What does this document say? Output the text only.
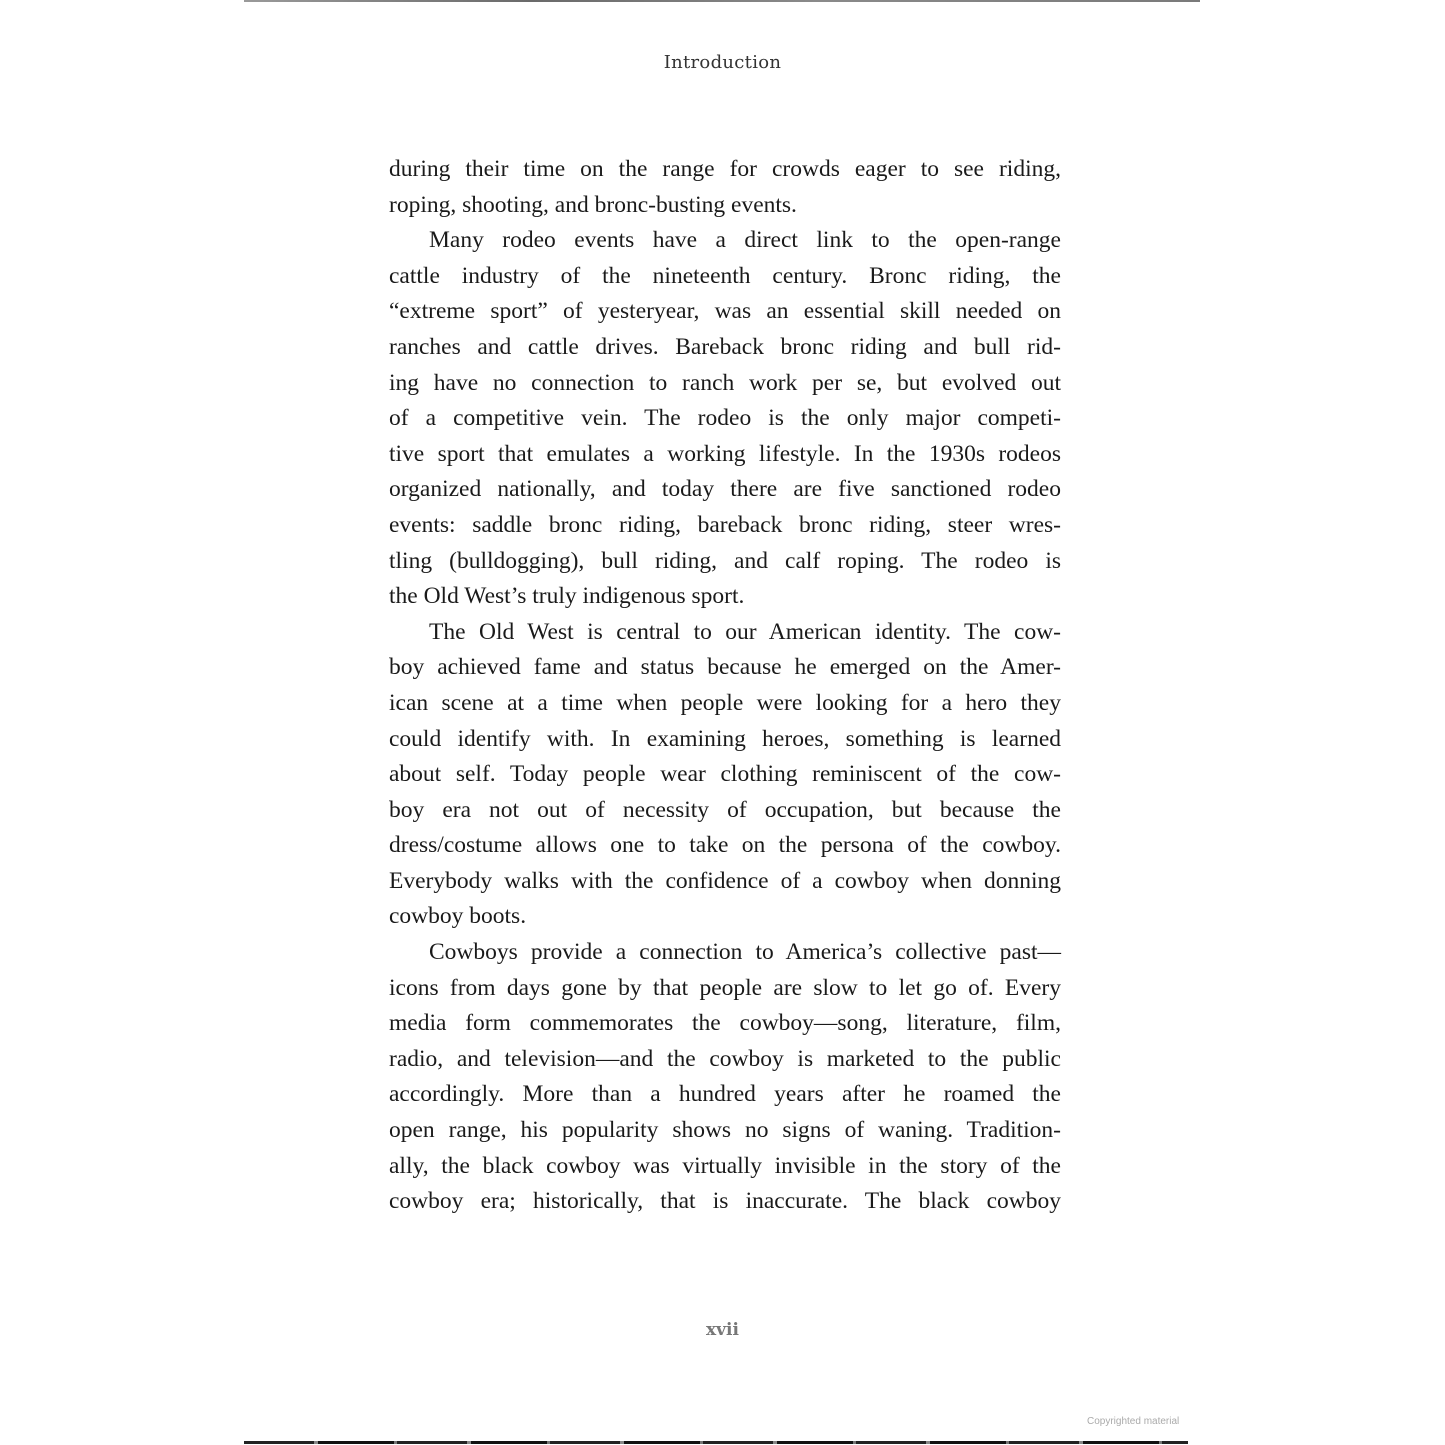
Introduction
during their time on the range for crowds eager to see riding,
roping, shooting, and bronc-busting events.
Many rodeo events have a direct link to the open-range
cattle industry of the nineteenth century. Bronc riding, the
“extreme sport” of yesteryear, was an essential skill needed on
ranches and cattle drives. Bareback bronc riding and bull rid-
ing have no connection to ranch work per se, but evolved out
of a competitive vein. The rodeo is the only major competi-
tive sport that emulates a working lifestyle. In the 1930s rodeos
organized nationally, and today there are five sanctioned rodeo
events: saddle bronc riding, bareback bronc riding, steer wres-
tling (bulldogging), bull riding, and calf roping. The rodeo is
the Old West’s truly indigenous sport.
The Old West is central to our American identity. The cow-
boy achieved fame and status because he emerged on the Amer-
ican scene at a time when people were looking for a hero they
could identify with. In examining heroes, something is learned
about self. Today people wear clothing reminiscent of the cow-
boy era not out of necessity of occupation, but because the
dress/costume allows one to take on the persona of the cowboy.
Everybody walks with the confidence of a cowboy when donning
cowboy boots.
Cowboys provide a connection to America’s collective past—
icons from days gone by that people are slow to let go of. Every
media form commemorates the cowboy—song, literature, film,
radio, and television—and the cowboy is marketed to the public
accordingly. More than a hundred years after he roamed the
open range, his popularity shows no signs of waning. Tradition-
ally, the black cowboy was virtually invisible in the story of the
cowboy era; historically, that is inaccurate. The black cowboy
xvii
Copyrighted material
